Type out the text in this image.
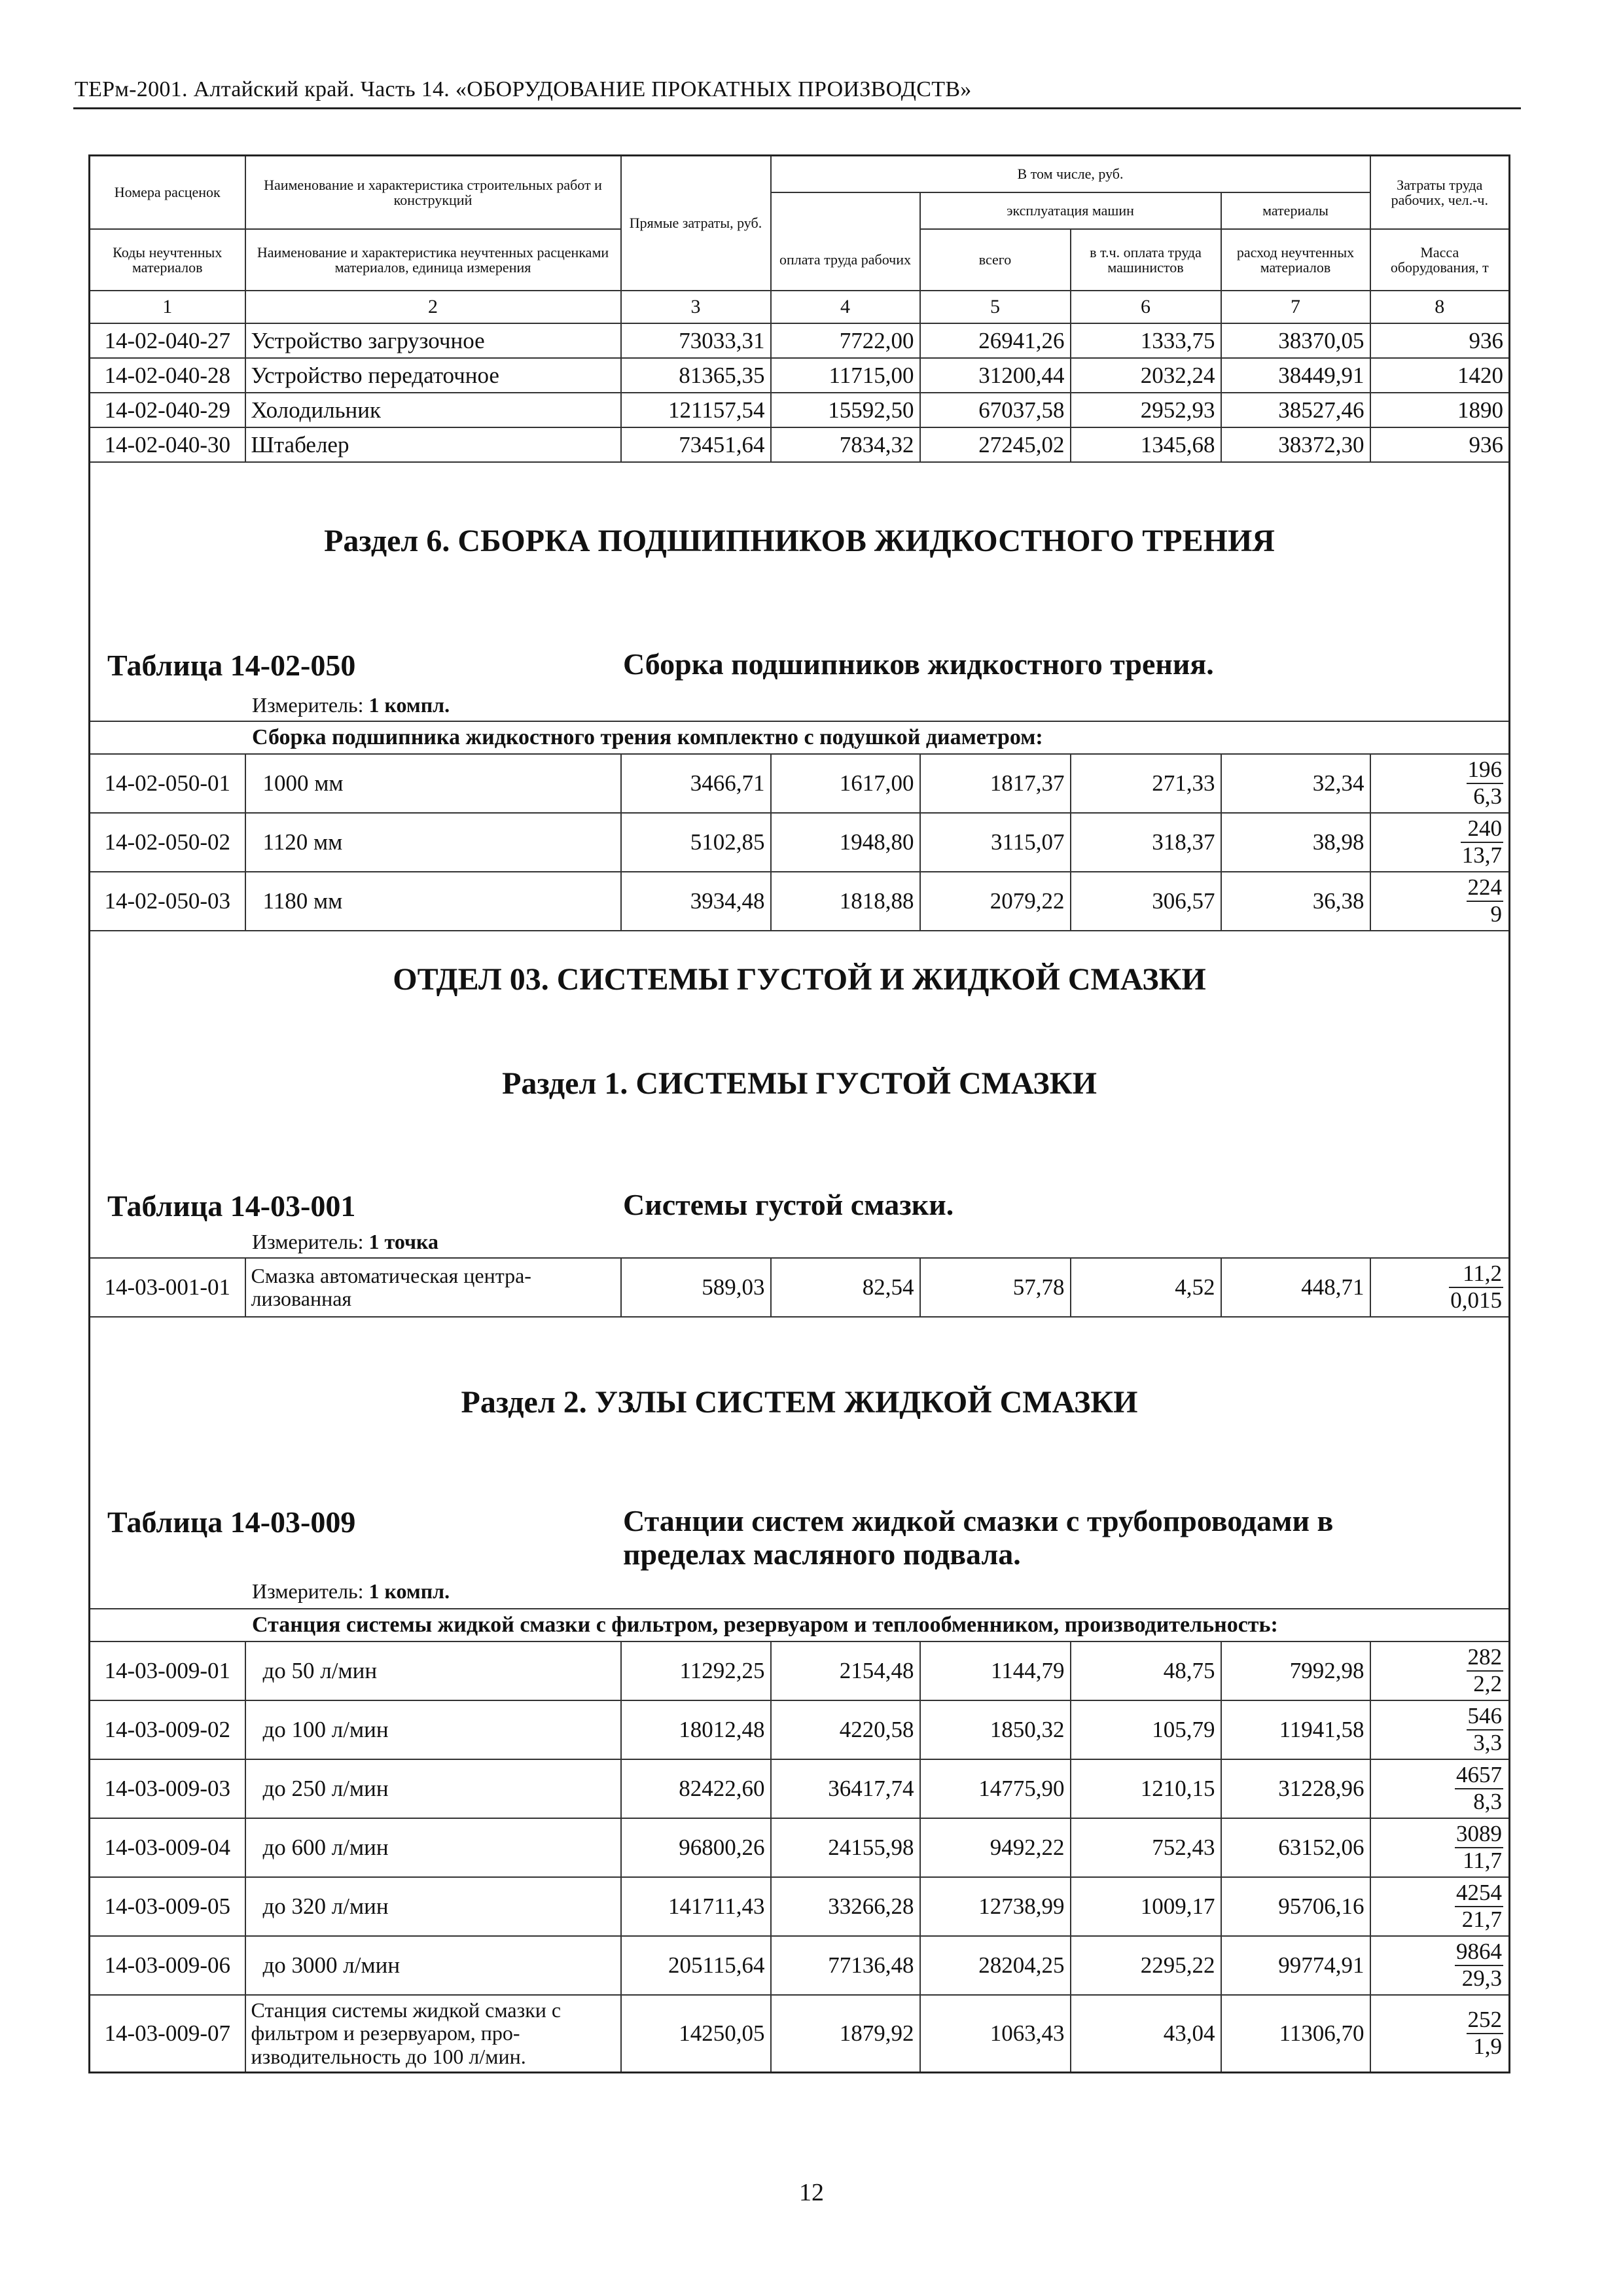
ТЕРм-2001. Алтайский край. Часть 14. «ОБОРУДОВАНИЕ ПРОКАТНЫХ ПРОИЗВОДСТВ»
Номера расценок	Наименование и характеристика строительных работ и конструкций	Прямые затраты, руб.	В том числе, руб.				Затраты труда рабочих, чел.-ч.
				эксплуатация машин		материалы	
Коды неучтенных материалов	Наименование и характеристика неучтенных расценками материалов, единица измерения		оплата труда рабочих	всего	в т.ч. оплата труда машинистов	расход неучтенных материалов	Масса оборудования, т
1	2	3	4	5	6	7	8
14-02-040-27	Устройство загрузочное	73033,31	7722,00	26941,26	1333,75	38370,05	936
14-02-040-28	Устройство передаточное	81365,35	11715,00	31200,44	2032,24	38449,91	1420
14-02-040-29	Холодильник	121157,54	15592,50	67037,58	2952,93	38527,46	1890
14-02-040-30	Штабелер	73451,64	7834,32	27245,02	1345,68	38372,30	936

Раздел 6. СБОРКА ПОДШИПНИКОВ ЖИДКОСТНОГО ТРЕНИЯ
Таблица 14-02-050 Сборка подшипников жидкостного трения.
Измеритель: 1 компл.							

Сборка подшипника жидкостного трения комплектно с подушкой диаметром:							
14-02-050-01	1000 мм	3466,71	1617,00	1817,37	271,33	32,34	$\frac{196}{6,3}$

14-02-050-02	1120 мм	5102,85	1948,80	3115,07	318,37	38,98	$\frac{240}{13,7}$

14-02-050-03	1180 мм	3934,48	1818,88	2079,22	306,57	36,38	$\frac{224}{9}$

ОТДЕЛ 03. СИСТЕМЫ ГУСТОЙ И ЖИДКОЙ СМАЗКИ
Раздел 1. СИСТЕМЫ ГУСТОЙ СМАЗКИ
Таблица 14-03-001 Системы густой смазки.
Измеритель: 1 точка							

14-03-001-01	Смазка автоматическая центра-лизованная	589,03	82,54	57,78	4,52	448,71	$\frac{11,2}{0,015}$

Раздел 2. УЗЛЫ СИСТЕМ ЖИДКОЙ СМАЗКИ
Таблица 14-03-009 Станции систем жидкой смазки с трубопроводами в пределах масляного подвала.
Измеритель: 1 компл.							

Станция системы жидкой смазки с фильтром, резервуаром и теплообменником, производительность:							
14-03-009-01	до 50 л/мин	11292,25	2154,48	1144,79	48,75	7992,98	$\frac{282}{2,2}$

14-03-009-02	до 100 л/мин	18012,48	4220,58	1850,32	105,79	11941,58	$\frac{546}{3,3}$

14-03-009-03	до 250 л/мин	82422,60	36417,74	14775,90	1210,15	31228,96	$\frac{4657}{8,3}$

14-03-009-04	до 600 л/мин	96800,26	24155,98	9492,22	752,43	63152,06	$\frac{3089}{11,7}$

14-03-009-05	до 320 л/мин	141711,43	33266,28	12738,99	1009,17	95706,16	$\frac{4254}{21,7}$

14-03-009-06	до 3000 л/мин	205115,64	77136,48	28204,25	2295,22	99774,91	$\frac{9864}{29,3}$

14-03-009-07	Станция системы жидкой смазки с фильтром и резервуаром, про-изводительность до 100 л/мин.	14250,05	1879,92	1063,43	43,04	11306,70	$\frac{252}{1,9}$
12
